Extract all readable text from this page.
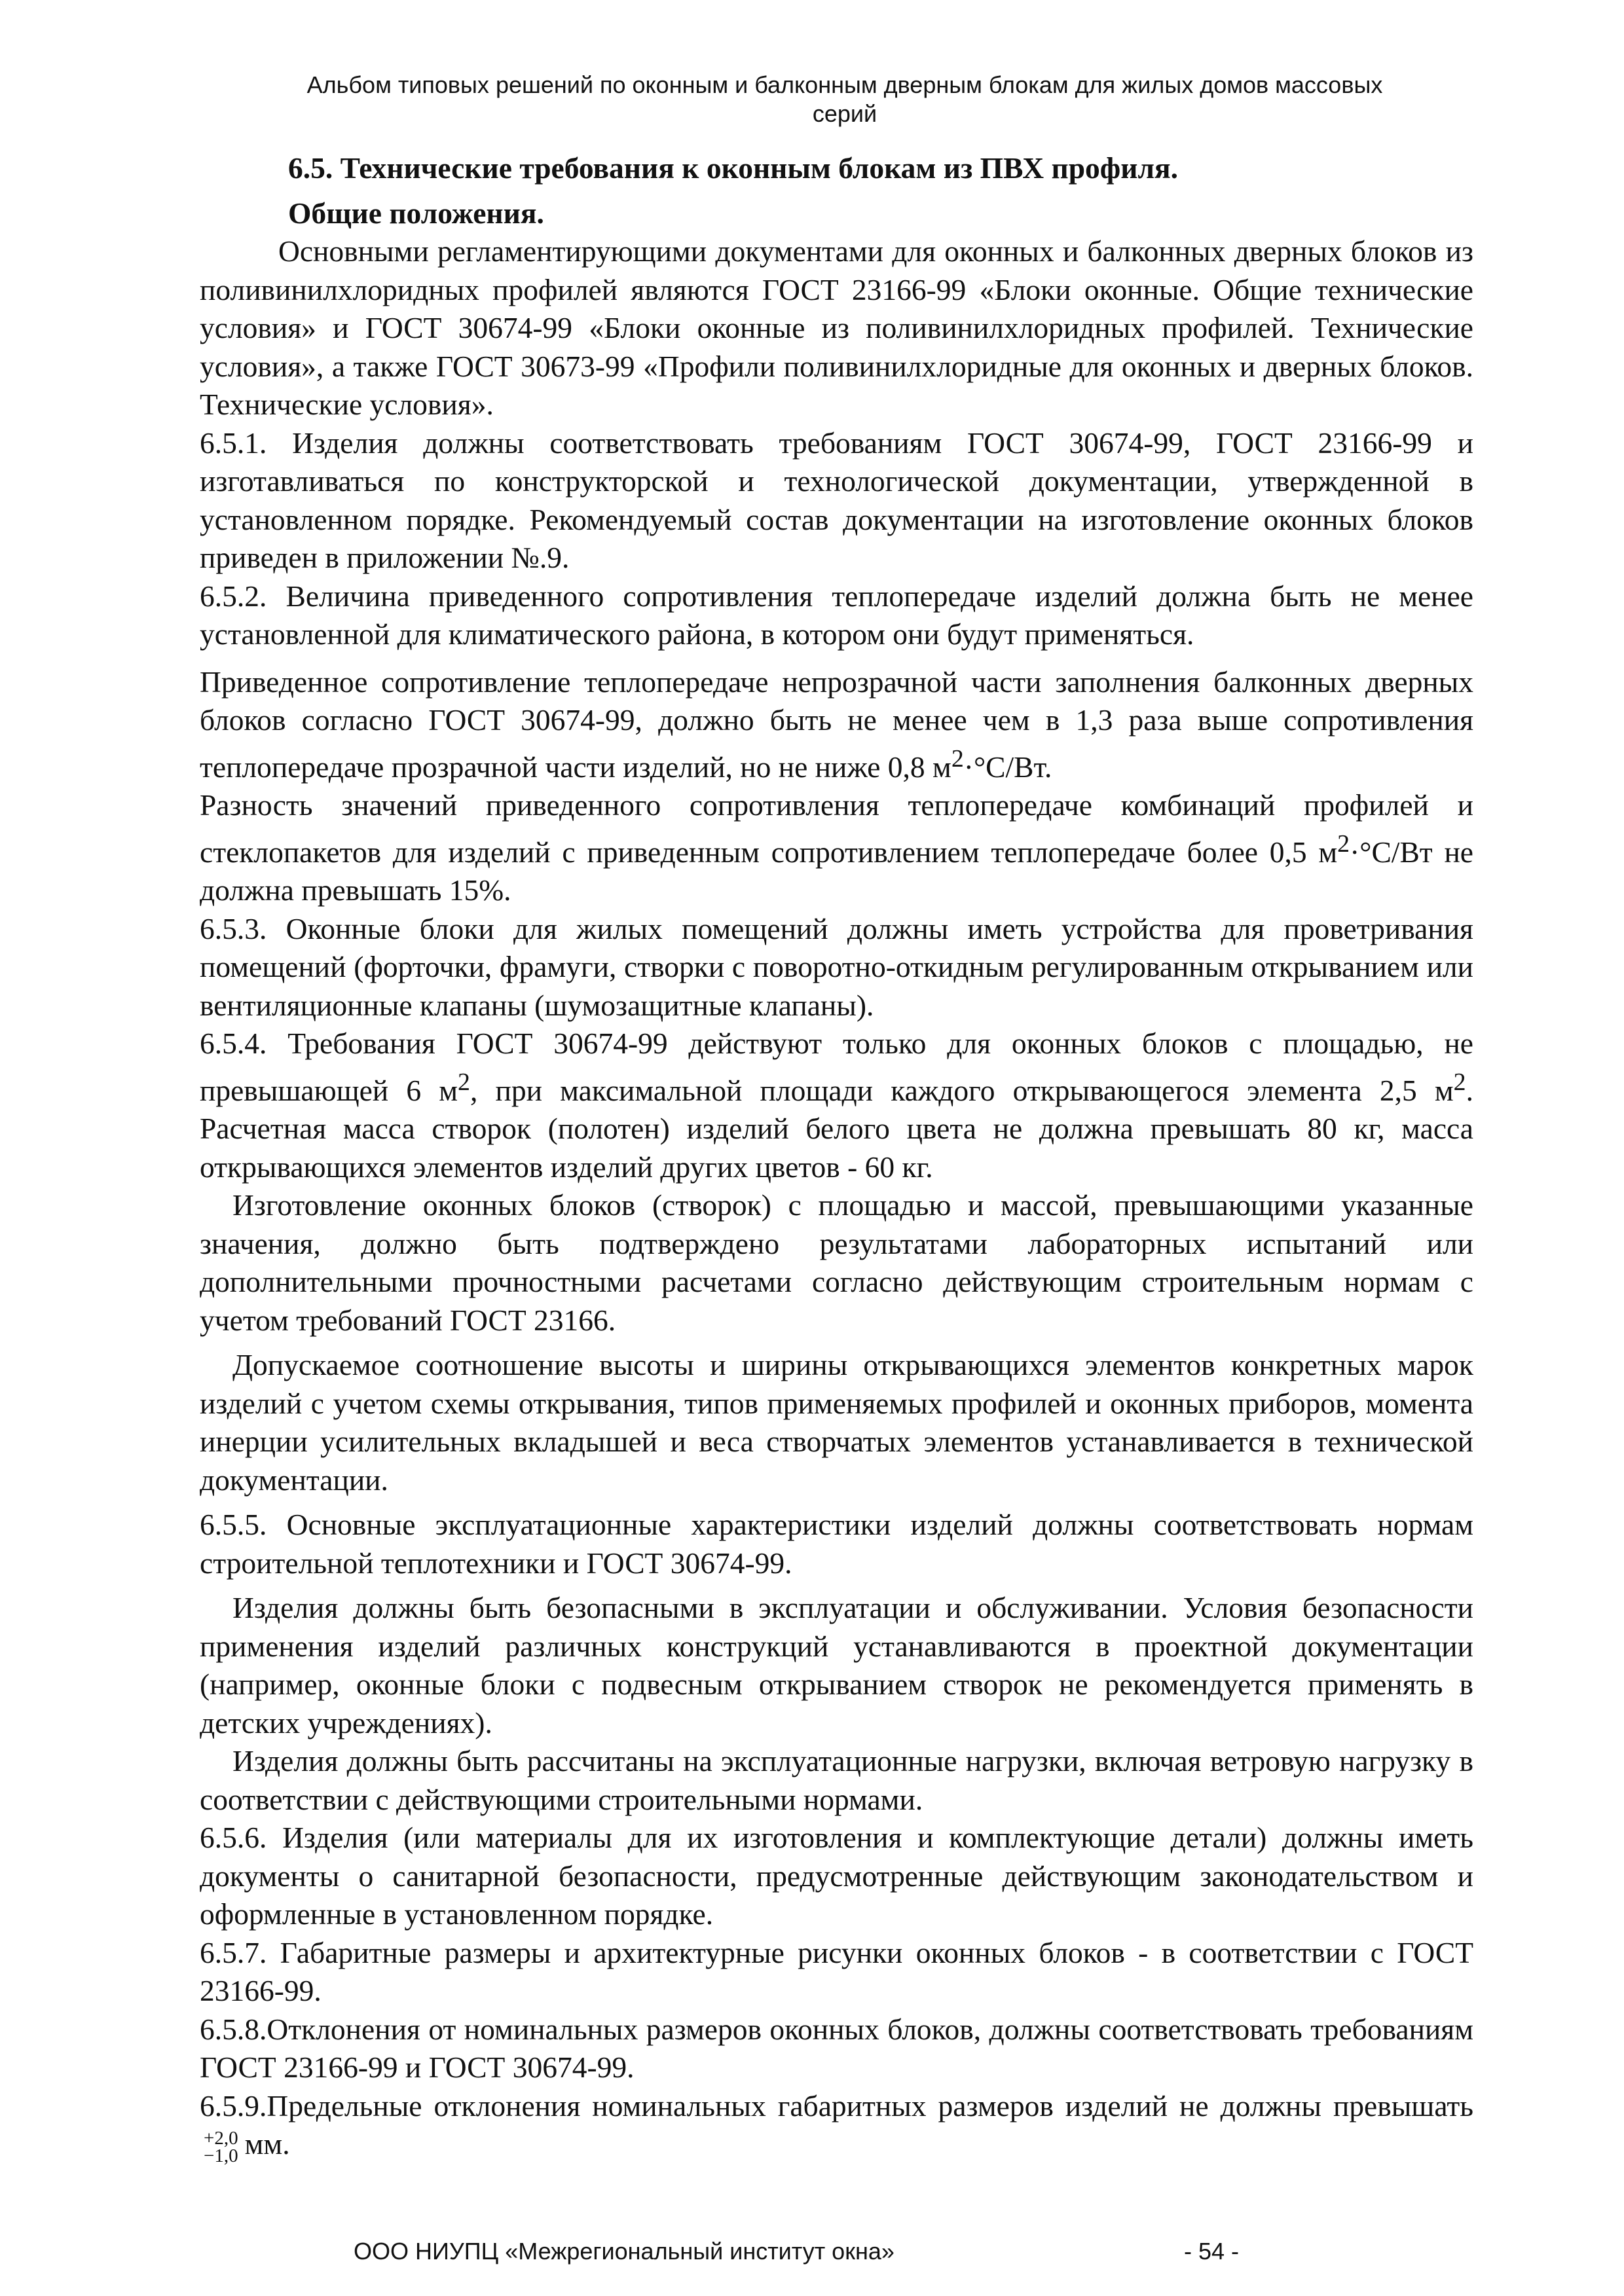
Альбом типовых решений по оконным и балконным дверным блокам для жилых домов массовых
серий

6.5. Технические требования к оконным блокам из ПВХ профиля.

Общие положения.

Основными регламентирующими документами для оконных и балконных дверных блоков из поливинилхлоридных профилей являются ГОСТ 23166-99 «Блоки оконные. Общие технические условия» и ГОСТ 30674-99 «Блоки оконные из поливинилхлоридных профилей. Технические условия», а также ГОСТ 30673-99 «Профили поливинилхлоридные для оконных и дверных блоков. Технические условия».

6.5.1. Изделия должны соответствовать требованиям ГОСТ 30674-99, ГОСТ 23166-99 и изготавливаться по конструкторской и технологической документации, утвержденной в установленном порядке. Рекомендуемый состав документации на изготовление оконных блоков приведен в приложении №.9.

6.5.2. Величина приведенного сопротивления теплопередаче изделий должна быть не менее установленной для климатического района, в котором они будут применяться.

Приведенное сопротивление теплопередаче непрозрачной части заполнения балконных дверных блоков согласно ГОСТ 30674-99, должно быть не менее чем в 1,3 раза выше сопротивления теплопередаче прозрачной части изделий, но не ниже 0,8 $м^2\cdot^\circ С/Вт$.

Разность значений приведенного сопротивления теплопередаче комбинаций профилей и стеклопакетов для изделий с приведенным сопротивлением теплопередаче более 0,5 $м^2\cdot^\circ С/Вт$ не должна превышать 15%.

6.5.3. Оконные блоки для жилых помещений должны иметь устройства для проветривания помещений (форточки, фрамуги, створки с поворотно-откидным регулированным открыванием или вентиляционные клапаны (шумозащитные клапаны).

6.5.4. Требования ГОСТ 30674-99 действуют только для оконных блоков с площадью, не превышающей 6 $м^2$, при максимальной площади каждого открывающегося элемента 2,5 $м^2$. Расчетная масса створок (полотен) изделий белого цвета не должна превышать 80 кг, масса открывающихся элементов изделий других цветов - 60 кг.

Изготовление оконных блоков (створок) с площадью и массой, превышающими указанные значения, должно быть подтверждено результатами лабораторных испытаний или дополнительными прочностными расчетами согласно действующим строительным нормам с учетом требований ГОСТ 23166.

Допускаемое соотношение высоты и ширины открывающихся элементов конкретных марок изделий с учетом схемы открывания, типов применяемых профилей и оконных приборов, момента инерции усилительных вкладышей и веса створчатых элементов устанавливается в технической документации.

6.5.5. Основные эксплуатационные характеристики изделий должны соответствовать нормам строительной теплотехники и ГОСТ 30674-99.

Изделия должны быть безопасными в эксплуатации и обслуживании. Условия безопасности применения изделий различных конструкций устанавливаются в проектной документации (например, оконные блоки с подвесным открыванием створок не рекомендуется применять в детских учреждениях).

Изделия должны быть рассчитаны на эксплуатационные нагрузки, включая ветровую нагрузку в соответствии с действующими строительными нормами.

6.5.6. Изделия (или материалы для их изготовления и комплектующие детали) должны иметь документы о санитарной безопасности, предусмотренные действующим законодательством и оформленные в установленном порядке.

6.5.7. Габаритные размеры и архитектурные рисунки оконных блоков - в соответствии с ГОСТ 23166-99.

6.5.8.Отклонения от номинальных размеров оконных блоков, должны соответствовать требованиям ГОСТ 23166-99 и ГОСТ 30674-99.

6.5.9.Предельные отклонения номинальных габаритных размеров изделий не должны превышать +2,0
−1,0 мм.

ООО НИУПЦ «Межрегиональный институт окна»	- 54 -
